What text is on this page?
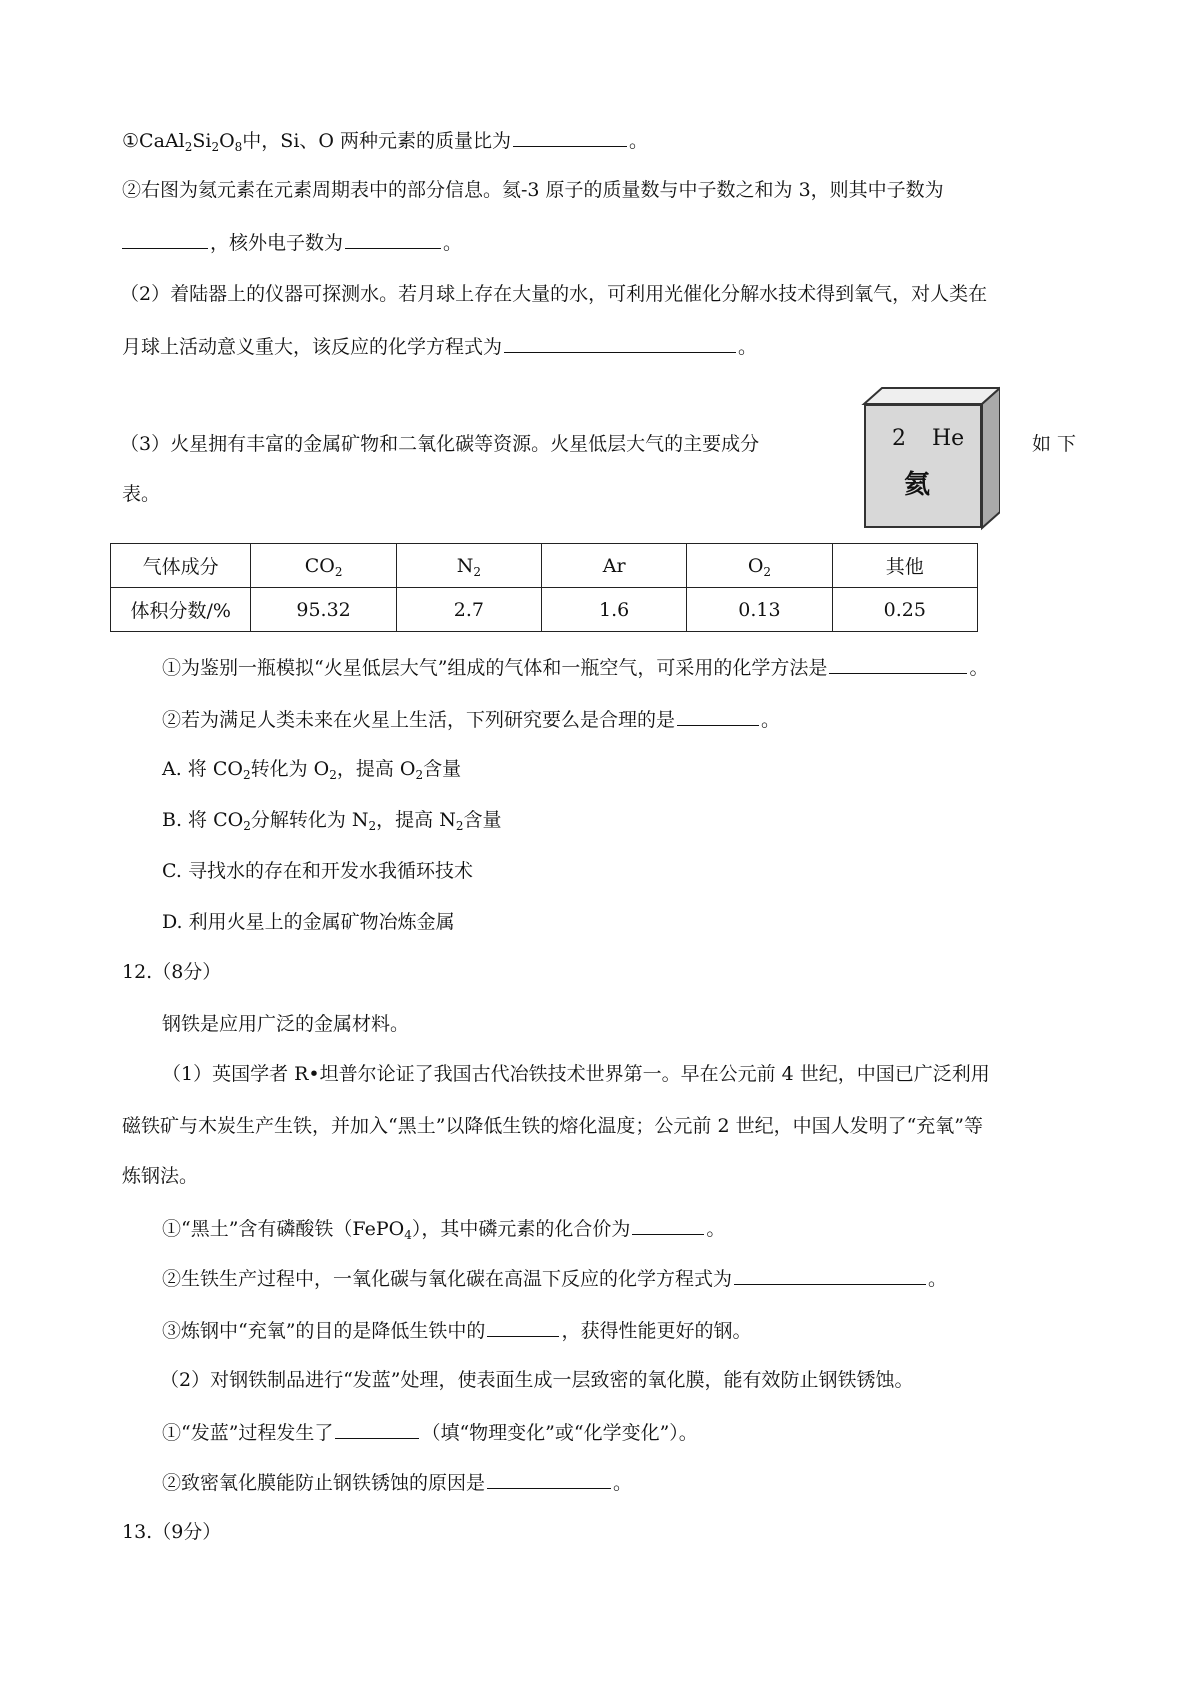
$①CaAl_2Si_2O_8$中，Si、O 两种元素的质量比为	。
②右图为氦元素在元素周期表中的部分信息。氦-3 原子的质量数与中子数之和为 3，则其中子数为
，核外电子数为	。
（2）着陆器上的仪器可探测水。若月球上存在大量的水，可利用光催化分解水技术得到氧气，对人类在
月球上活动意义重大，该反应的化学方程式为	。
（3）火星拥有丰富的金属矿物和二氧化碳等资源。火星低层大气的主要成分	如 下
2 He
氦
表。
气体成分	$CO_2$	$N_2$	Ar	$O_2$	其他
体积分数/%	95.32	2.7	1.6	0.13	0.25
①为鉴别一瓶模拟“火星低层大气”组成的气体和一瓶空气，可采用的化学方法是	。
②若为满足人类未来在火星上生活，下列研究要么是合理的是	。
A. 将 $CO_2$转化为 $O_2$，提高 $O_2$含量
B. 将 $CO_2$分解转化为 $N_2$，提高 $N_2$含量
C. 寻找水的存在和开发水我循环技术
D. 利用火星上的金属矿物冶炼金属
12.（8分）
钢铁是应用广泛的金属材料。
（1）英国学者 R•坦普尔论证了我国古代冶铁技术世界第一。早在公元前 4 世纪，中国已广泛利用
磁铁矿与木炭生产生铁，并加入“黑土”以降低生铁的熔化温度；公元前 2 世纪，中国人发明了“充氧”等
炼钢法。
①“黑土”含有磷酸铁（FePO$_4$），其中磷元素的化合价为	。
②生铁生产过程中，一氧化碳与氧化碳在高温下反应的化学方程式为	。
③炼钢中“充氧”的目的是降低生铁中的	，获得性能更好的钢。
（2）对钢铁制品进行“发蓝”处理，使表面生成一层致密的氧化膜，能有效防止钢铁锈蚀。
①“发蓝”过程发生了	（填“物理变化”或“化学变化”）。
②致密氧化膜能防止钢铁锈蚀的原因是	。
13.（9分）
